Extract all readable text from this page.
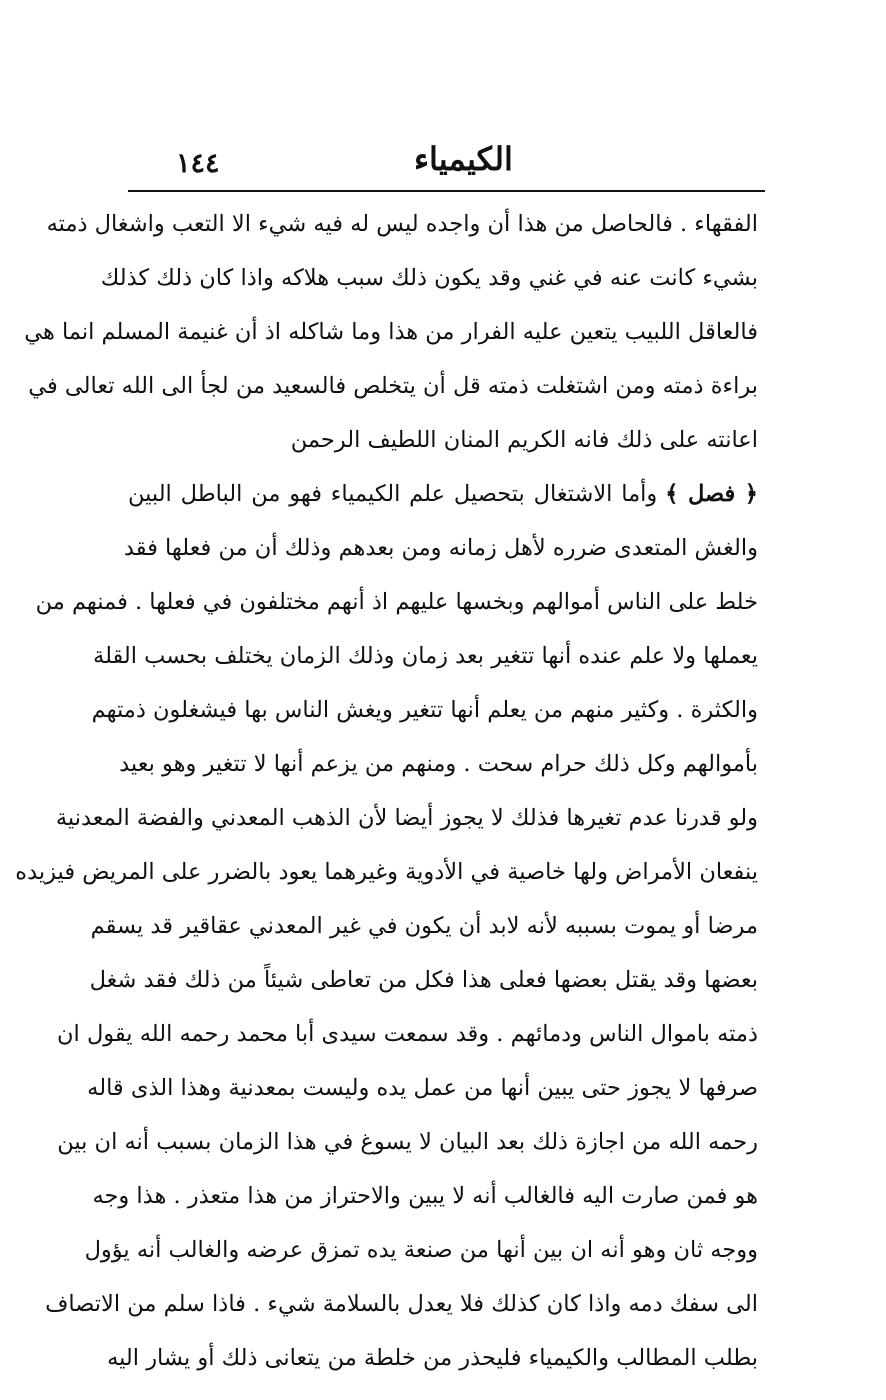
الكيمياء
١٤٤
الفقهاء . فالحاصل من هذا أن واجده ليس له فيه شيء الا التعب واشغال ذمته
بشيء كانت عنه في غني وقد يكون ذلك سبب هلاكه واذا كان ذلك كذلك
فالعاقل اللبيب يتعين عليه الفرار من هذا وما شاكله اذ أن غنيمة المسلم انما هي
براءة ذمته ومن اشتغلت ذمته قل أن يتخلص فالسعيد من لجأ الى الله تعالى في
اعانته على ذلك فانه الكريم المنان اللطيف الرحمن
﴿ فصل ﴾وأما الاشتغال بتحصيل علم الكيمياء فهو من الباطل البين
والغش المتعدى ضرره لأهل زمانه ومن بعدهم وذلك أن من فعلها فقد
خلط على الناس أموالهم وبخسها عليهم اذ أنهم مختلفون في فعلها . فمنهم من
يعملها ولا علم عنده أنها تتغير بعد زمان وذلك الزمان يختلف بحسب القلة
والكثرة . وكثير منهم من يعلم أنها تتغير ويغش الناس بها فيشغلون ذمتهم
بأموالهم وكل ذلك حرام سحت . ومنهم من يزعم أنها لا تتغير وهو بعيد
ولو قدرنا عدم تغيرها فذلك لا يجوز أيضا لأن الذهب المعدني والفضة المعدنية
ينفعان الأمراض ولها خاصية في الأدوية وغيرهما يعود بالضرر على المريض فيزيده
مرضا أو يموت بسببه لأنه لابد أن يكون في غير المعدني عقاقير قد يسقم
بعضها وقد يقتل بعضها فعلى هذا فكل من تعاطى شيئاً من ذلك فقد شغل
ذمته باموال الناس ودمائهم . وقد سمعت سيدى أبا محمد رحمه الله يقول ان
صرفها لا يجوز حتى يبين أنها من عمل يده وليست بمعدنية وهذا الذى قاله
رحمه الله من اجازة ذلك بعد البيان لا يسوغ في هذا الزمان بسبب أنه ان بين
هو فمن صارت اليه فالغالب أنه لا يبين والاحتراز من هذا متعذر . هذا وجه
ووجه ثان وهو أنه ان بين أنها من صنعة يده تمزق عرضه والغالب أنه يؤول
الى سفك دمه واذا كان كذلك فلا يعدل بالسلامة شيء . فاذا سلم من الاتصاف
بطلب المطالب والكيمياء فليحذر من خلطة من يتعانى ذلك أو يشار اليه
